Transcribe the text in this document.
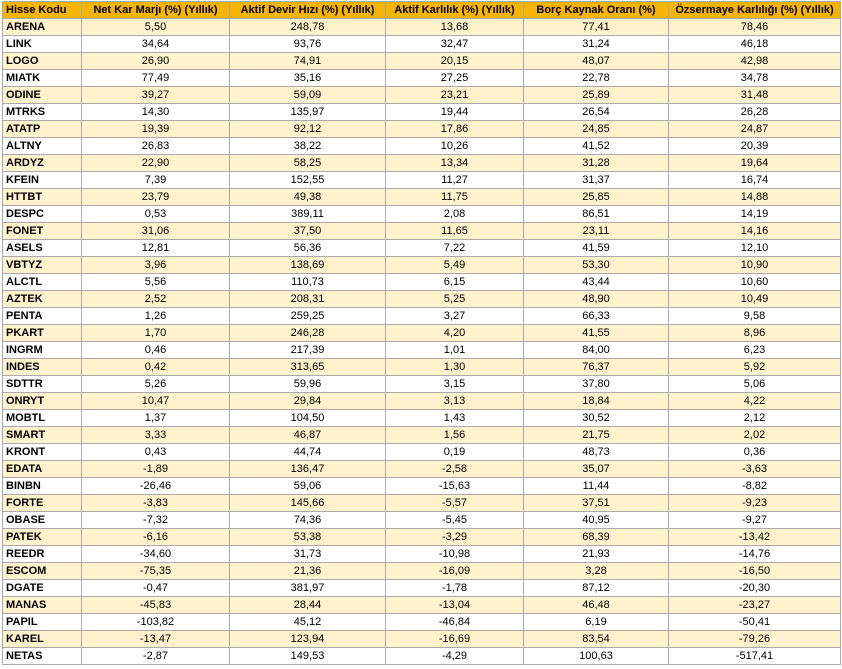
Hisse Kodu	Net Kar Marjı (%) (Yıllık)	Aktif Devir Hızı (%) (Yıllık)	Aktif Karlılık (%) (Yıllık)	Borç Kaynak Oranı (%)	Özsermaye Karlılığı (%) (Yıllık)
ARENA	5,50	248,78	13,68	77,41	78,46
LINK	34,64	93,76	32,47	31,24	46,18
LOGO	26,90	74,91	20,15	48,07	42,98
MIATK	77,49	35,16	27,25	22,78	34,78
ODINE	39,27	59,09	23,21	25,89	31,48
MTRKS	14,30	135,97	19,44	26,54	26,28
ATATP	19,39	92,12	17,86	24,85	24,87
ALTNY	26,83	38,22	10,26	41,52	20,39
ARDYZ	22,90	58,25	13,34	31,28	19,64
KFEIN	7,39	152,55	11,27	31,37	16,74
HTTBT	23,79	49,38	11,75	25,85	14,88
DESPC	0,53	389,11	2,08	86,51	14,19
FONET	31,06	37,50	11,65	23,11	14,16
ASELS	12,81	56,36	7,22	41,59	12,10
VBTYZ	3,96	138,69	5,49	53,30	10,90
ALCTL	5,56	110,73	6,15	43,44	10,60
AZTEK	2,52	208,31	5,25	48,90	10,49
PENTA	1,26	259,25	3,27	66,33	9,58
PKART	1,70	246,28	4,20	41,55	8,96
INGRM	0,46	217,39	1,01	84,00	6,23
INDES	0,42	313,65	1,30	76,37	5,92
SDTTR	5,26	59,96	3,15	37,80	5,06
ONRYT	10,47	29,84	3,13	18,84	4,22
MOBTL	1,37	104,50	1,43	30,52	2,12
SMART	3,33	46,87	1,56	21,75	2,02
KRONT	0,43	44,74	0,19	48,73	0,36
EDATA	-1,89	136,47	-2,58	35,07	-3,63
BINBN	-26,46	59,06	-15,63	11,44	-8,82
FORTE	-3,83	145,66	-5,57	37,51	-9,23
OBASE	-7,32	74,36	-5,45	40,95	-9,27
PATEK	-6,16	53,38	-3,29	68,39	-13,42
REEDR	-34,60	31,73	-10,98	21,93	-14,76
ESCOM	-75,35	21,36	-16,09	3,28	-16,50
DGATE	-0,47	381,97	-1,78	87,12	-20,30
MANAS	-45,83	28,44	-13,04	46,48	-23,27
PAPIL	-103,82	45,12	-46,84	6,19	-50,41
KAREL	-13,47	123,94	-16,69	83,54	-79,26
NETAS	-2,87	149,53	-4,29	100,63	-517,41
